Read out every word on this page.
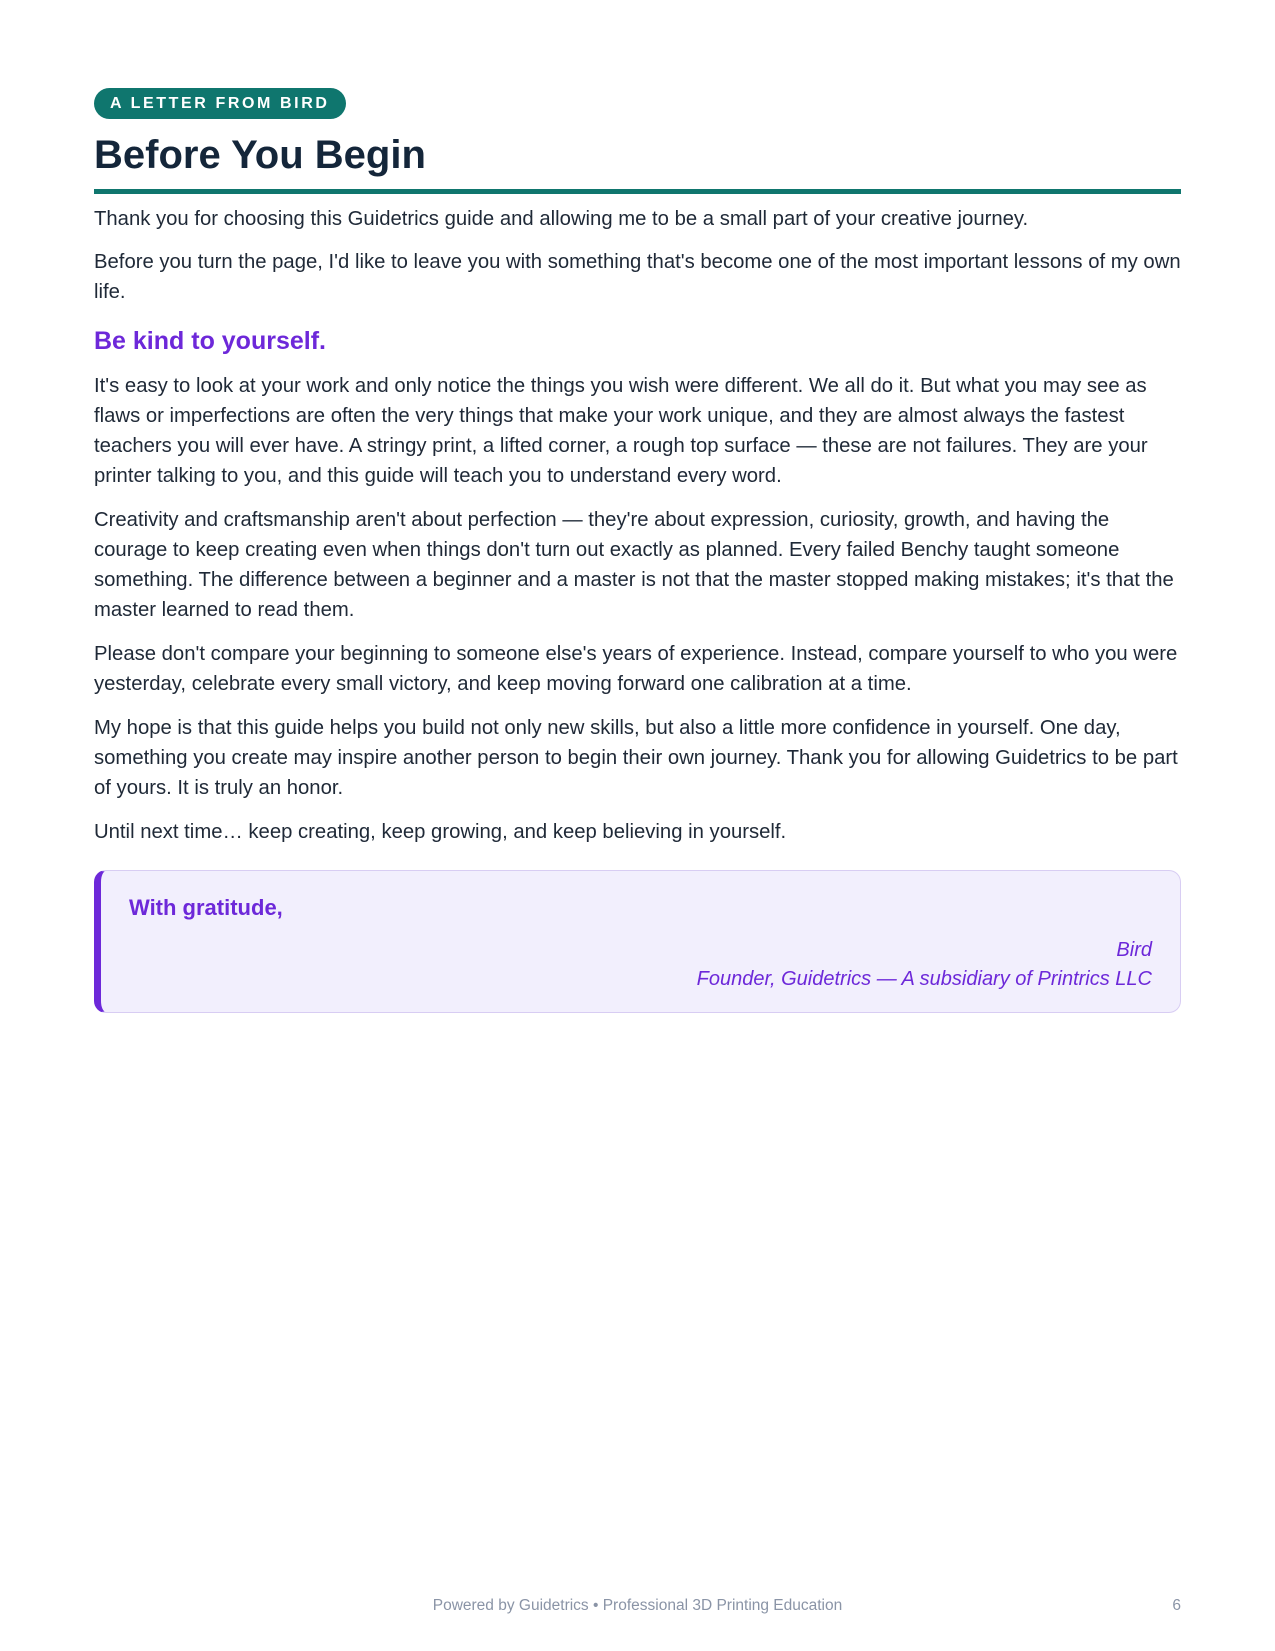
A LETTER FROM BIRD
Before You Begin

Thank you for choosing this Guidetrics guide and allowing me to be a small part of your creative journey.

Before you turn the page, I'd like to leave you with something that's become one of the most important lessons of my own life.

Be kind to yourself.

It's easy to look at your work and only notice the things you wish were different. We all do it. But what you may see as flaws or imperfections are often the very things that make your work unique, and they are almost always the fastest teachers you will ever have. A stringy print, a lifted corner, a rough top surface — these are not failures. They are your printer talking to you, and this guide will teach you to understand every word.

Creativity and craftsmanship aren't about perfection — they're about expression, curiosity, growth, and having the courage to keep creating even when things don't turn out exactly as planned. Every failed Benchy taught someone something. The difference between a beginner and a master is not that the master stopped making mistakes; it's that the master learned to read them.

Please don't compare your beginning to someone else's years of experience. Instead, compare yourself to who you were yesterday, celebrate every small victory, and keep moving forward one calibration at a time.

My hope is that this guide helps you build not only new skills, but also a little more confidence in yourself. One day, something you create may inspire another person to begin their own journey. Thank you for allowing Guidetrics to be part of yours. It is truly an honor.

Until next time… keep creating, keep growing, and keep believing in yourself.

With gratitude,
Bird
Founder, Guidetrics — A subsidiary of Printrics LLC
Powered by Guidetrics • Professional 3D Printing Education	6
